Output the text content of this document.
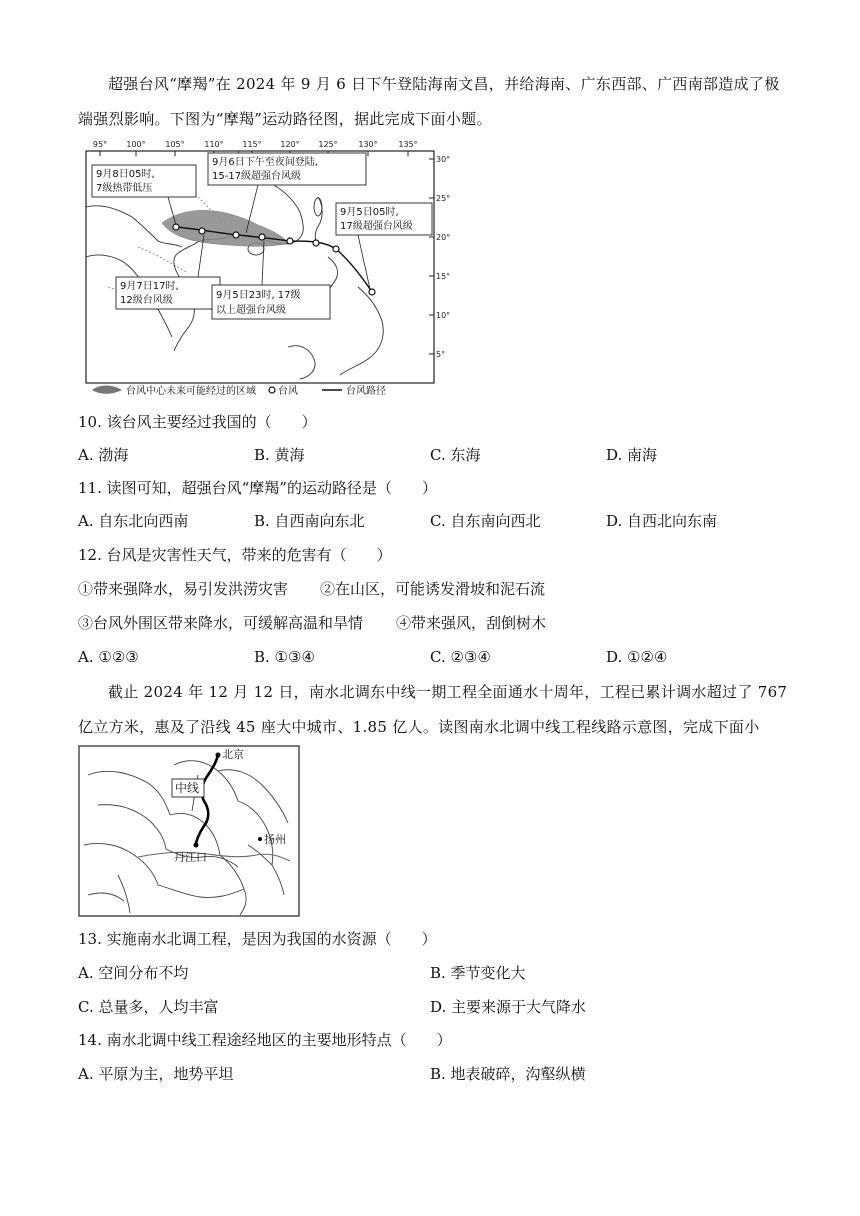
超强台风“摩羯”在 2024 年 9 月 6 日下午登陆海南文昌，并给海南、广东西部、广西南部造成了极端强烈影响。下图为“摩羯”运动路径图，据此完成下面小题。
95° 100° 105° 110° 115° 120° 125°	130°	135°
30°
25°
20°
15°
10°
5°
9月6日下午至夜间登陆,
15-17级超强台风级
9月8日05时,
7级热带低压
9月5日05时,
17级超强台风级
9月7日17时,
12级台风级	9月5日23时, 17级
以上超强台风级
台风中心未来可能经过的区域 台风	台风路径
10. 该台风主要经过我国的（　　）
A. 渤海	B. 黄海	C. 东海	D. 南海
11. 读图可知，超强台风“摩羯”的运动路径是（　　）
A. 自东北向西南	B. 自西南向东北	C. 自东南向西北	D. 自西北向东南
12. 台风是灾害性天气，带来的危害有（　　）
①带来强降水，易引发洪涝灾害 ②在山区，可能诱发滑坡和泥石流
③台风外围区带来降水，可缓解高温和旱情 ④带来强风，刮倒树木
A. ①②③	B. ①③④	C. ②③④	D. ①②④
截止 2024 年 12 月 12 日，南水北调东中线一期工程全面通水十周年，工程已累计调水超过了 767 亿立方米，惠及了沿线 45 座大中城市、1.85 亿人。读图南水北调中线工程线路示意图，完成下面小
北京
中线
扬州
丹江口
13. 实施南水北调工程，是因为我国的水资源（　　）
A. 空间分布不均	B. 季节变化大
C. 总量多，人均丰富	D. 主要来源于大气降水
14. 南水北调中线工程途经地区的主要地形特点（　　）
A. 平原为主，地势平坦	B. 地表破碎，沟壑纵横
